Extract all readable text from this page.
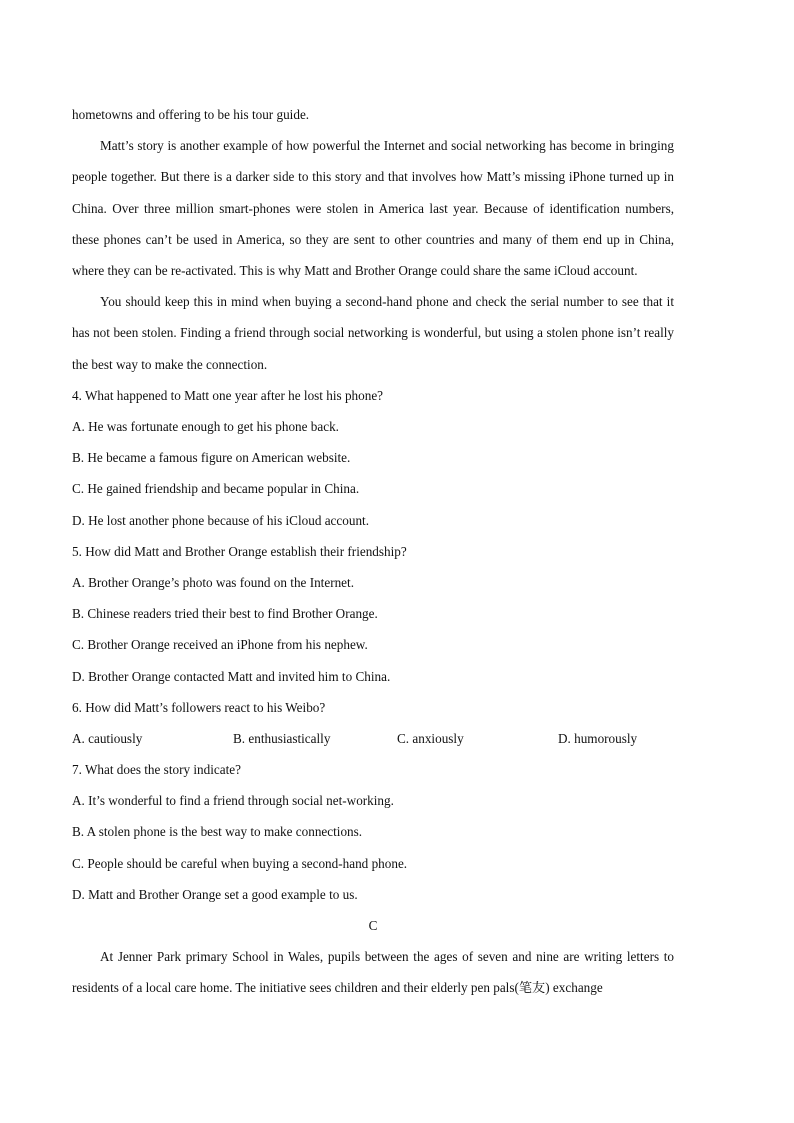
hometowns and offering to be his tour guide.

Matt’s story is another example of how powerful the Internet and social networking has become in bringing people together. But there is a darker side to this story and that involves how Matt’s missing iPhone turned up in China. Over three million smart-phones were stolen in America last year. Because of identification numbers, these phones can’t be used in America, so they are sent to other countries and many of them end up in China, where they can be re-activated. This is why Matt and Brother Orange could share the same iCloud account.

You should keep this in mind when buying a second-hand phone and check the serial number to see that it has not been stolen. Finding a friend through social networking is wonderful, but using a stolen phone isn’t really the best way to make the connection.

4. What happened to Matt one year after he lost his phone?
A. He was fortunate enough to get his phone back.
B. He became a famous figure on American website.
C. He gained friendship and became popular in China.
D. He lost another phone because of his iCloud account.
5. How did Matt and Brother Orange establish their friendship?
A. Brother Orange’s photo was found on the Internet.
B. Chinese readers tried their best to find Brother Orange.
C. Brother Orange received an iPhone from his nephew.
D. Brother Orange contacted Matt and invited him to China.
6. How did Matt’s followers react to his Weibo?
A. cautiously	B. enthusiastically	C. anxiously	D. humorously
7. What does the story indicate?
A. It’s wonderful to find a friend through social net-working.
B. A stolen phone is the best way to make connections.
C. People should be careful when buying a second-hand phone.
D. Matt and Brother Orange set a good example to us.
C

At Jenner Park primary School in Wales, pupils between the ages of seven and nine are writing letters to residents of a local care home. The initiative sees children and their elderly pen pals(笔友) exchange
